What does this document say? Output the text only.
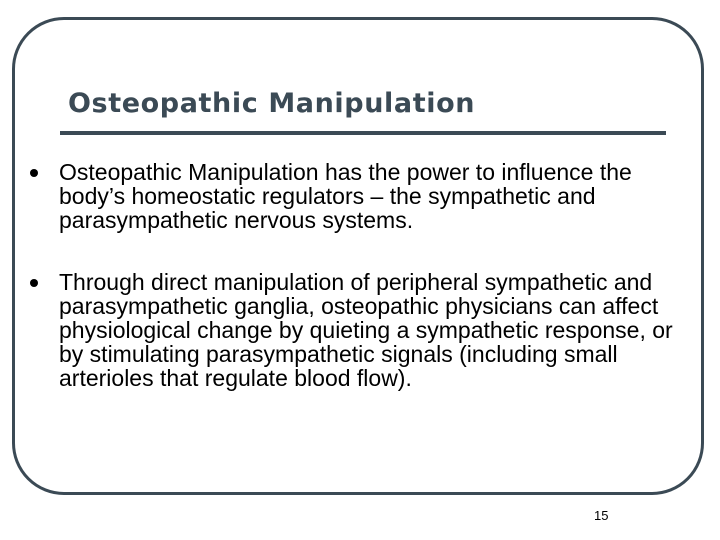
Osteopathic Manipulation
Osteopathic Manipulation has the power to influence the body’s homeostatic regulators – the sympathetic and parasympathetic nervous systems.
Through direct manipulation of peripheral sympathetic and parasympathetic ganglia, osteopathic physicians can affect physiological change by quieting a sympathetic response, or by stimulating parasympathetic signals (including small arterioles that regulate blood flow).
15
